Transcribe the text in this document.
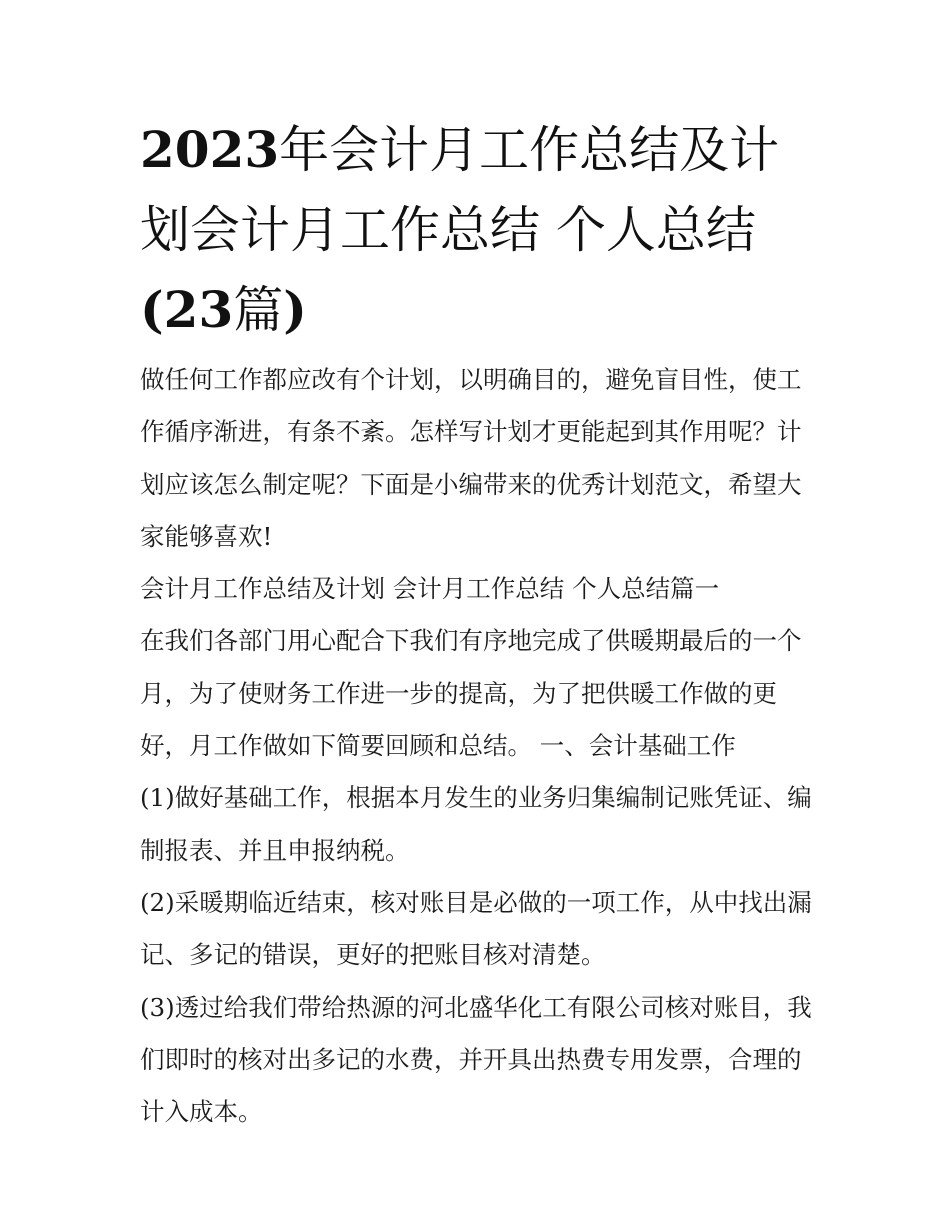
2023年会计月工作总结及计划会计月工作总结 个人总结(23篇)

做任何工作都应改有个计划，以明确目的，避免盲目性，使工作循序渐进，有条不紊。怎样写计划才更能起到其作用呢？计划应该怎么制定呢？下面是小编带来的优秀计划范文，希望大家能够喜欢!

会计月工作总结及计划 会计月工作总结 个人总结篇一

在我们各部门用心配合下我们有序地完成了供暖期最后的一个月，为了使财务工作进一步的提高，为了把供暖工作做的更好，月工作做如下简要回顾和总结。 一、会计基础工作

(1)做好基础工作，根据本月发生的业务归集编制记账凭证、编制报表、并且申报纳税。

(2)采暖期临近结束，核对账目是必做的一项工作，从中找出漏记、多记的错误，更好的把账目核对清楚。

(3)透过给我们带给热源的河北盛华化工有限公司核对账目，我们即时的核对出多记的水费，并开具出热费专用发票，合理的计入成本。
